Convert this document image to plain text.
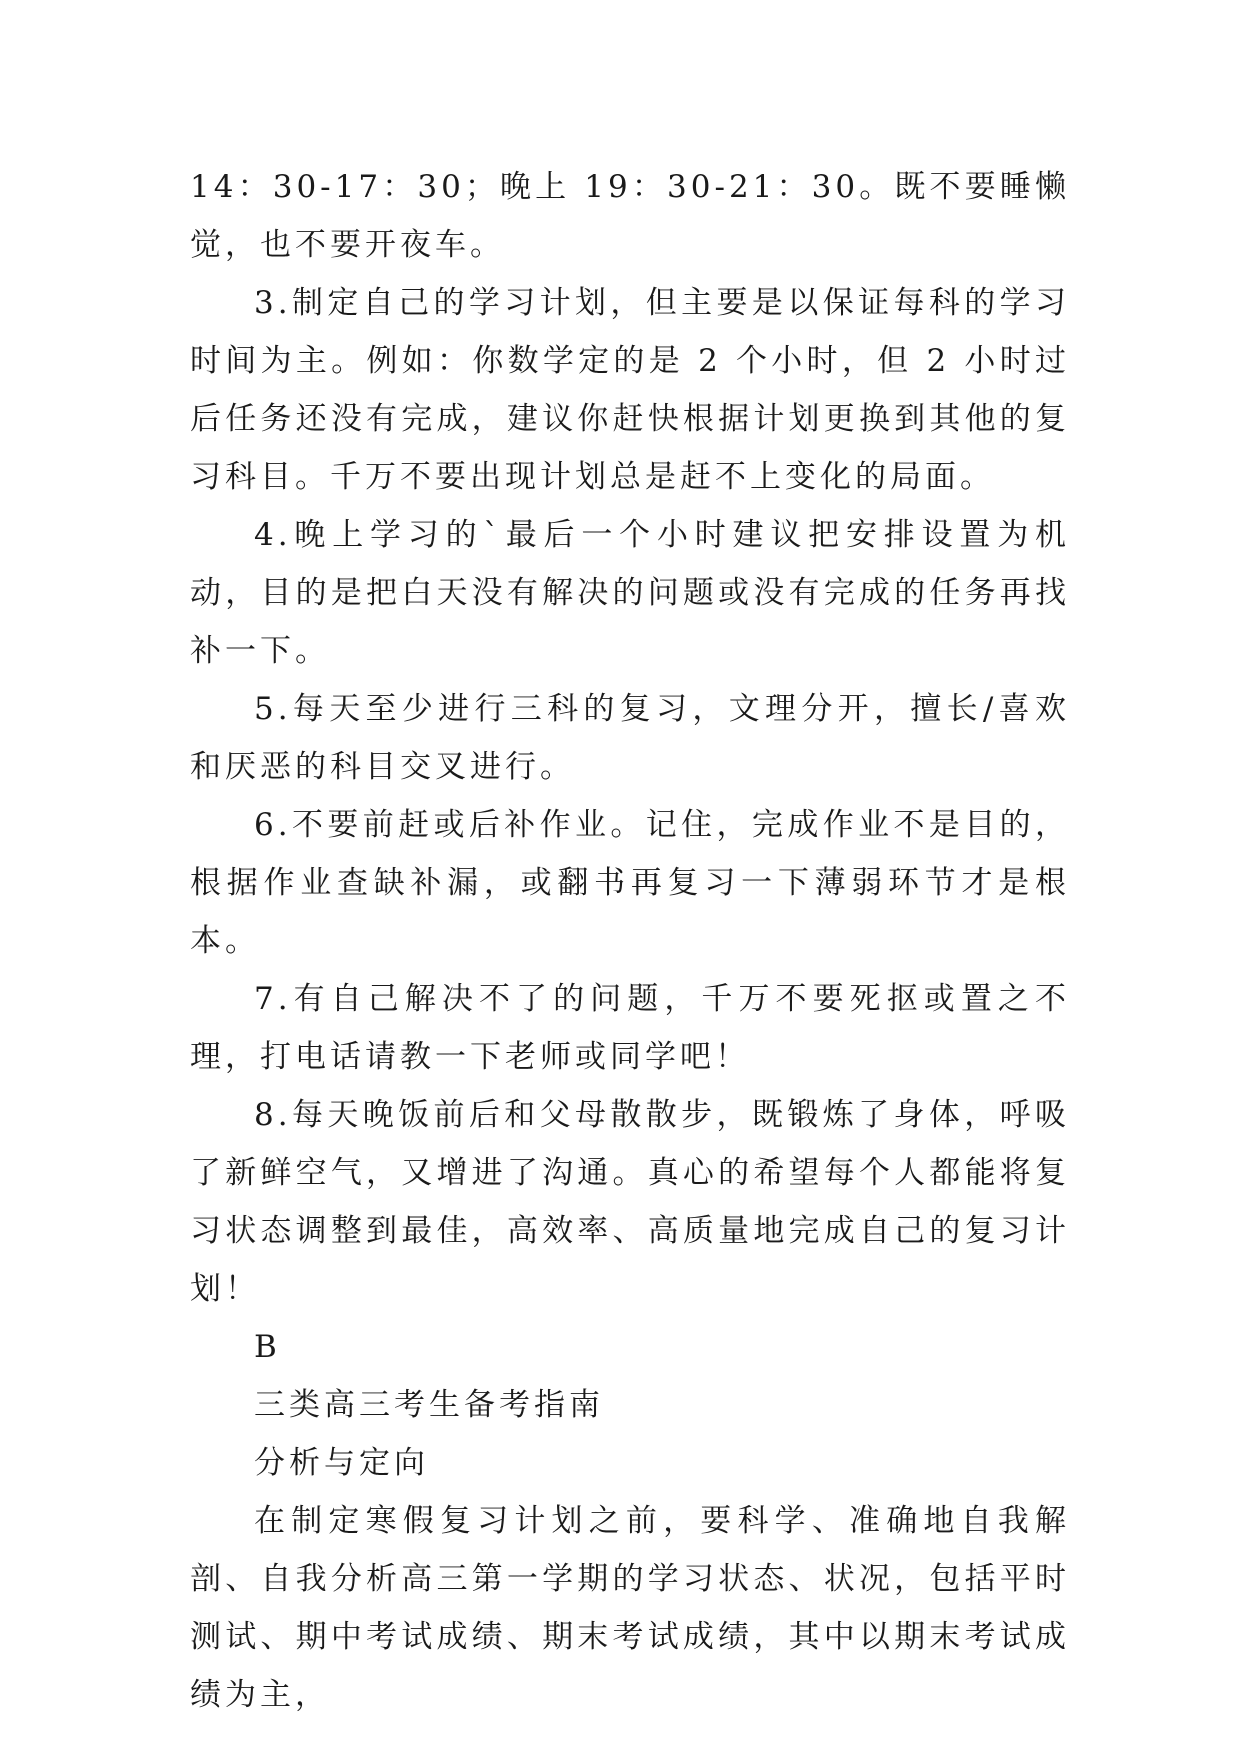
14：30-17：30；晚上 19：30-21：30。既不要睡懒觉，也不要开夜车。

3.制定自己的学习计划，但主要是以保证每科的学习时间为主。例如：你数学定的是 2 个小时，但 2 小时过后任务还没有完成，建议你赶快根据计划更换到其他的复习科目。千万不要出现计划总是赶不上变化的局面。

4.晚上学习的`最后一个小时建议把安排设置为机动，目的是把白天没有解决的问题或没有完成的任务再找补一下。

5.每天至少进行三科的复习，文理分开，擅长/喜欢和厌恶的科目交叉进行。

6.不要前赶或后补作业。记住，完成作业不是目的，根据作业查缺补漏，或翻书再复习一下薄弱环节才是根本。

7.有自己解决不了的问题，千万不要死抠或置之不理，打电话请教一下老师或同学吧！

8.每天晚饭前后和父母散散步，既锻炼了身体，呼吸了新鲜空气，又增进了沟通。真心的希望每个人都能将复习状态调整到最佳，高效率、高质量地完成自己的复习计划！

B

三类高三考生备考指南

分析与定向

在制定寒假复习计划之前，要科学、准确地自我解剖、自我分析高三第一学期的学习状态、状况，包括平时测试、期中考试成绩、期末考试成绩，其中以期末考试成绩为主，
